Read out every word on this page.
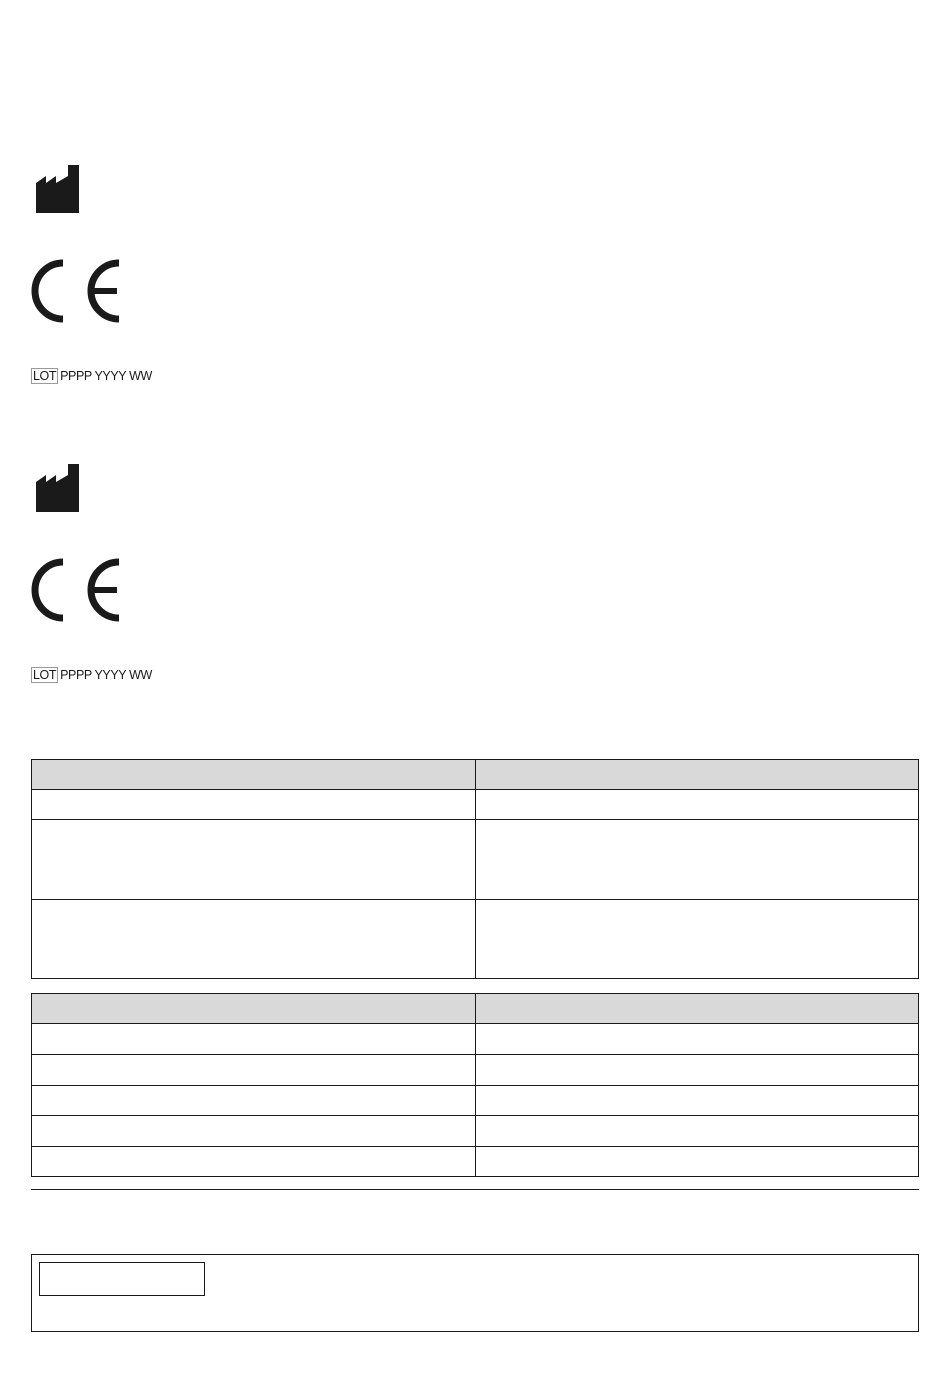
LOT PPPP YYYY WW
LOT PPPP YYYY WW
